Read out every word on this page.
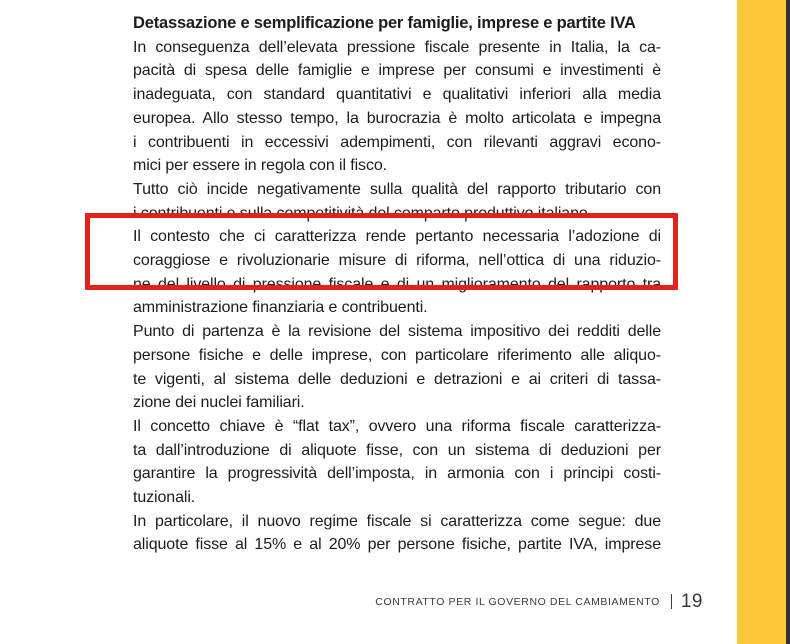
Detassazione e semplificazione per famiglie, imprese e partite IVA
In conseguenza dell’elevata pressione fiscale presente in Italia, la ca-
pacità di spesa delle famiglie e imprese per consumi e investimenti è
inadeguata, con standard quantitativi e qualitativi inferiori alla media
europea. Allo stesso tempo, la burocrazia è molto articolata e impegna
i contribuenti in eccessivi adempimenti, con rilevanti aggravi econo-
mici per essere in regola con il fisco.
Tutto ciò incide negativamente sulla qualità del rapporto tributario con
i contribuenti e sulla competitività del comparto produttivo italiano.
Il contesto che ci caratterizza rende pertanto necessaria l’adozione di
coraggiose e rivoluzionarie misure di riforma, nell’ottica di una riduzio-
ne del livello di pressione fiscale e di un miglioramento del rapporto tra
amministrazione finanziaria e contribuenti.
Punto di partenza è la revisione del sistema impositivo dei redditi delle
persone fisiche e delle imprese, con particolare riferimento alle aliquo-
te vigenti, al sistema delle deduzioni e detrazioni e ai criteri di tassa-
zione dei nuclei familiari.
Il concetto chiave è “flat tax”, ovvero una riforma fiscale caratterizza-
ta dall’introduzione di aliquote fisse, con un sistema di deduzioni per
garantire la progressività dell’imposta, in armonia con i principi costi-
tuzionali.
In particolare, il nuovo regime fiscale si caratterizza come segue: due
aliquote fisse al 15% e al 20% per persone fisiche, partite IVA, imprese
CONTRATTO PER IL GOVERNO DEL CAMBIAMENTO 19
